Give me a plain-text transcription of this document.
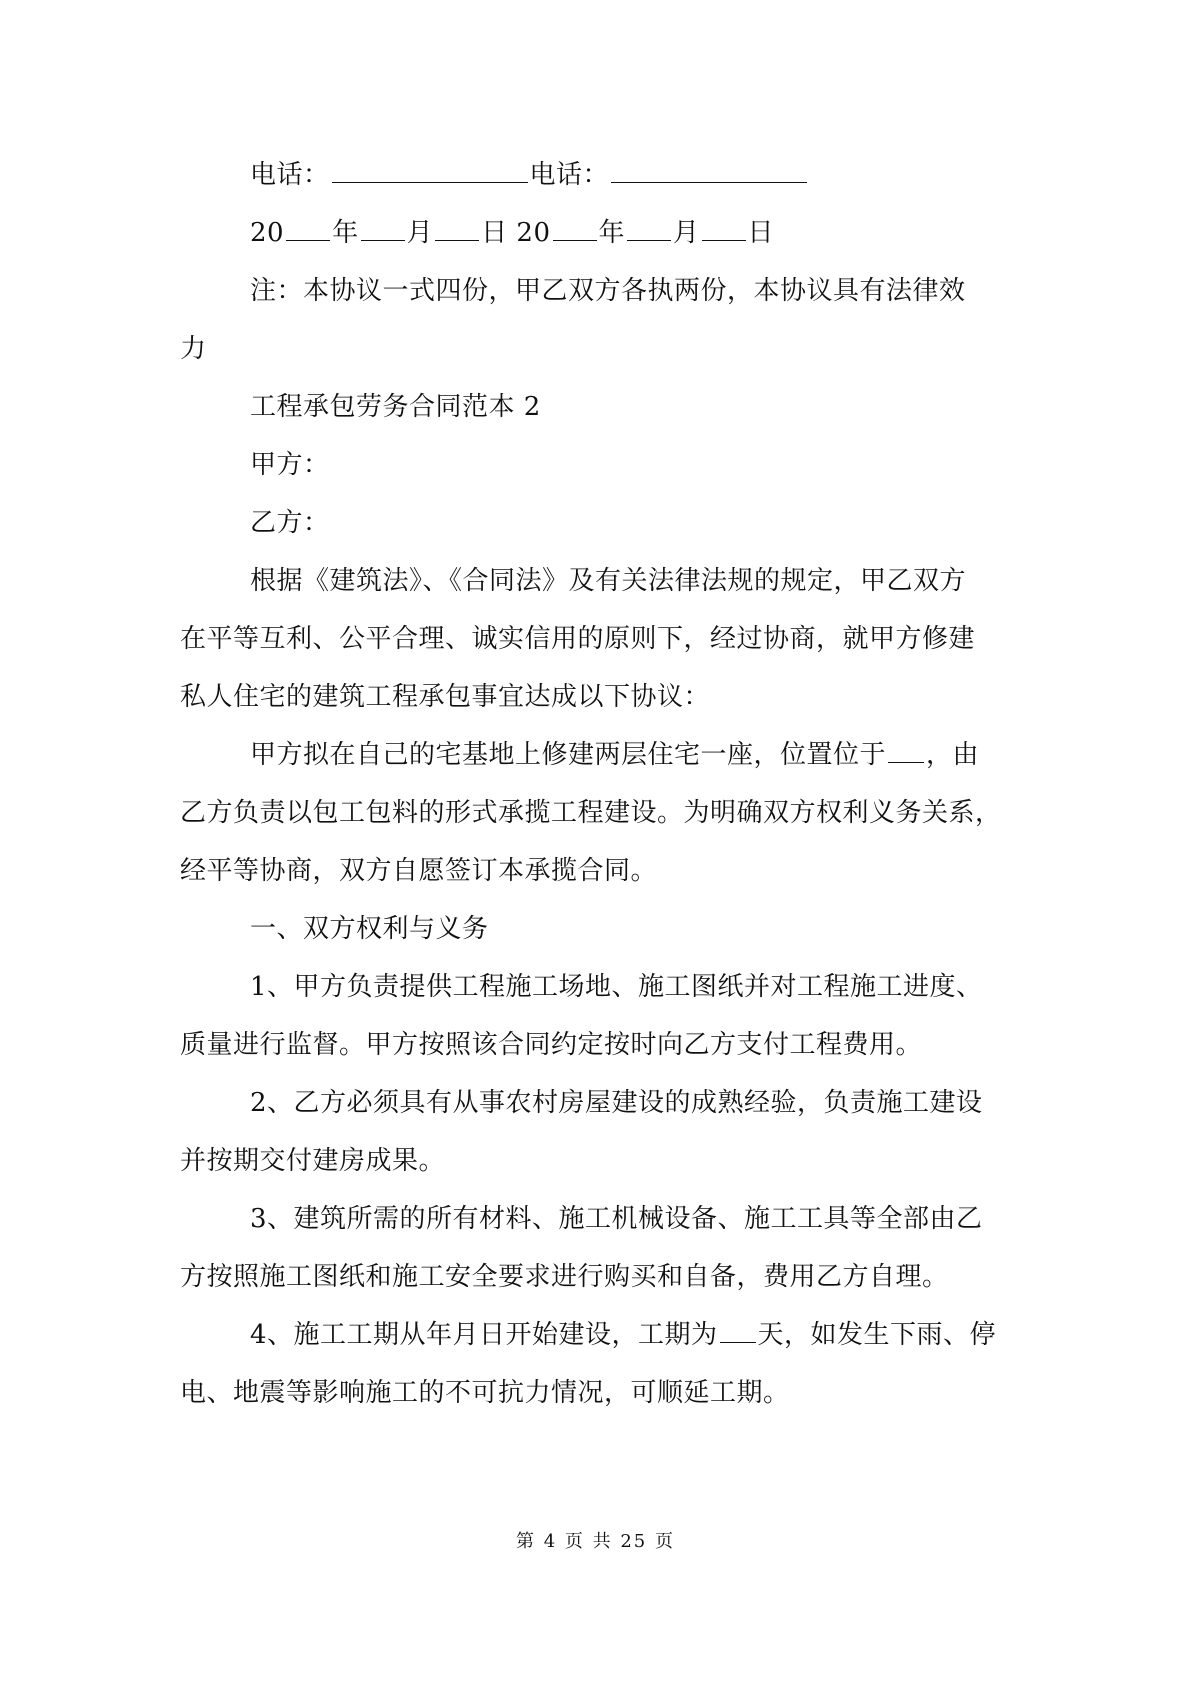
电话：	电话：
20 年 月 日 20 年 月 日
注：本协议一式四份，甲乙双方各执两份，本协议具有法律效
力
工程承包劳务合同范本 2
甲方：
乙方：
根据《建筑法》、《合同法》及有关法律法规的规定，甲乙双方
在平等互利、公平合理、诚实信用的原则下，经过协商，就甲方修建
私人住宅的建筑工程承包事宜达成以下协议：
甲方拟在自己的宅基地上修建两层住宅一座，位置位于 ，由
乙方负责以包工包料的形式承揽工程建设。为明确双方权利义务关系，
经平等协商，双方自愿签订本承揽合同。
一、双方权利与义务
1、甲方负责提供工程施工场地、施工图纸并对工程施工进度、
质量进行监督。甲方按照该合同约定按时向乙方支付工程费用。
2、乙方必须具有从事农村房屋建设的成熟经验，负责施工建设
并按期交付建房成果。
3、建筑所需的所有材料、施工机械设备、施工工具等全部由乙
方按照施工图纸和施工安全要求进行购买和自备，费用乙方自理。
4、施工工期从年月日开始建设，工期为 天，如发生下雨、停
电、地震等影响施工的不可抗力情况，可顺延工期。
第 4 页 共 25 页
